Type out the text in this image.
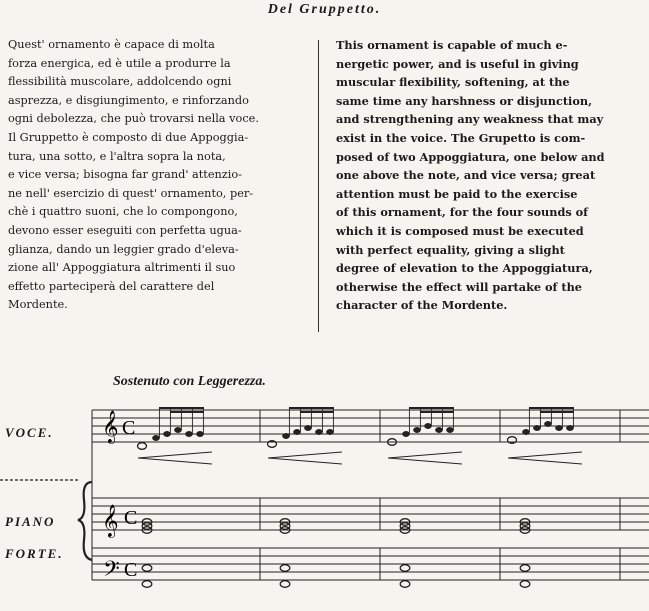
Del Gruppetto.
Quest' ornamento è capace di molta
forza energica, ed è utile a produrre la
flessibilità muscolare, addolcendo ogni
asprezza, e disgiungimento, e rinforzando
ogni debolezza, che può trovarsi nella voce.
Il Gruppetto è composto di due Appoggia-
tura, una sotto, e l'altra sopra la nota,
e vice versa; bisogna far grand' attenzio-
ne nell' esercizio di quest' ornamento, per-
chè i quattro suoni, che lo compongono,
devono esser eseguiti con perfetta ugua-
glianza, dando un leggier grado d'eleva-
zione all' Appoggiatura altrimenti il suo
effetto parteciperà del carattere del
Mordente.
This ornament is capable of much e-
nergetic power, and is useful in giving
muscular flexibility, softening, at the
same time any harshness or disjunction,
and strengthening any weakness that may
exist in the voice. The Grupetto is com-
posed of two Appoggiatura, one below and
one above the note, and vice versa; great
attention must be paid to the exercise
of this ornament, for the four sounds of
which it is composed must be executed
with perfect equality, giving a slight
degree of elevation to the Appoggiatura,
otherwise the effect will partake of the
character of the Mordente.
Sostenuto con Leggerezza.
VOCE.
PIANO
FORTE.
𝄞
𝄞
𝄢
C
C
C
